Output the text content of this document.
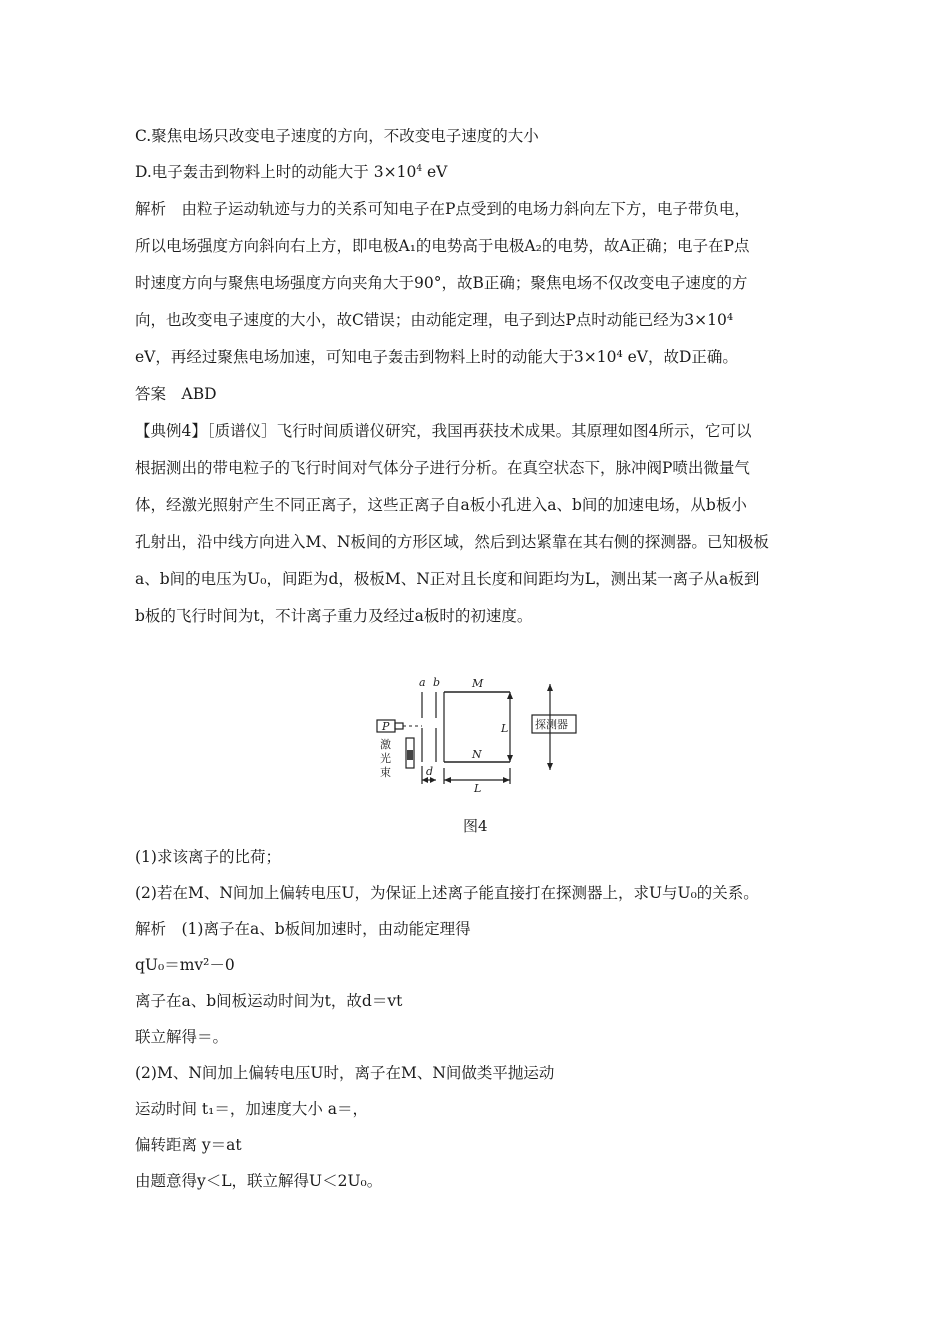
C.聚焦电场只改变电子速度的方向，不改变电子速度的大小
D.电子轰击到物料上时的动能大于 $3\times 10^4$ eV
解析　由粒子运动轨迹与力的关系可知电子在P点受到的电场力斜向左下方，电子带负电，
所以电场强度方向斜向右上方，即电极A₁的电势高于电极A₂的电势，故A正确；电子在P点
时速度方向与聚焦电场强度方向夹角大于90°，故B正确；聚焦电场不仅改变电子速度的方
向，也改变电子速度的大小，故C错误；由动能定理，电子到达P点时动能已经为3×10⁴
eV，再经过聚焦电场加速，可知电子轰击到物料上时的动能大于3×10⁴ eV，故D正确。
答案　ABD
【典例4】［质谱仪］飞行时间质谱仪研究，我国再获技术成果。其原理如图4所示，它可以
根据测出的带电粒子的飞行时间对气体分子进行分析。在真空状态下，脉冲阀P喷出微量气
体，经激光照射产生不同正离子，这些正离子自a板小孔进入a、b间的加速电场，从b板小
孔射出，沿中线方向进入M、N板间的方形区域，然后到达紧靠在其右侧的探测器。已知极板
a、b间的电压为U₀，间距为d，极板M、N正对且长度和间距均为L，测出某一离子从a板到
b板的飞行时间为t，不计离子重力及经过a板时的初速度。
a b	M
N
L
L
d
P	探测器
激
光
束
图4
(1)求该离子的比荷；
(2)若在M、N间加上偏转电压U，为保证上述离子能直接打在探测器上，求U与U₀的关系。
解析　(1)离子在a、b板间加速时，由动能定理得
qU₀＝mv²－0
离子在a、b间板运动时间为t，故d＝vt
联立解得＝。
(2)M、N间加上偏转电压U时，离子在M、N间做类平抛运动
运动时间 t₁＝，加速度大小 a＝，
偏转距离 y＝at
由题意得y＜L，联立解得U＜2U₀。
